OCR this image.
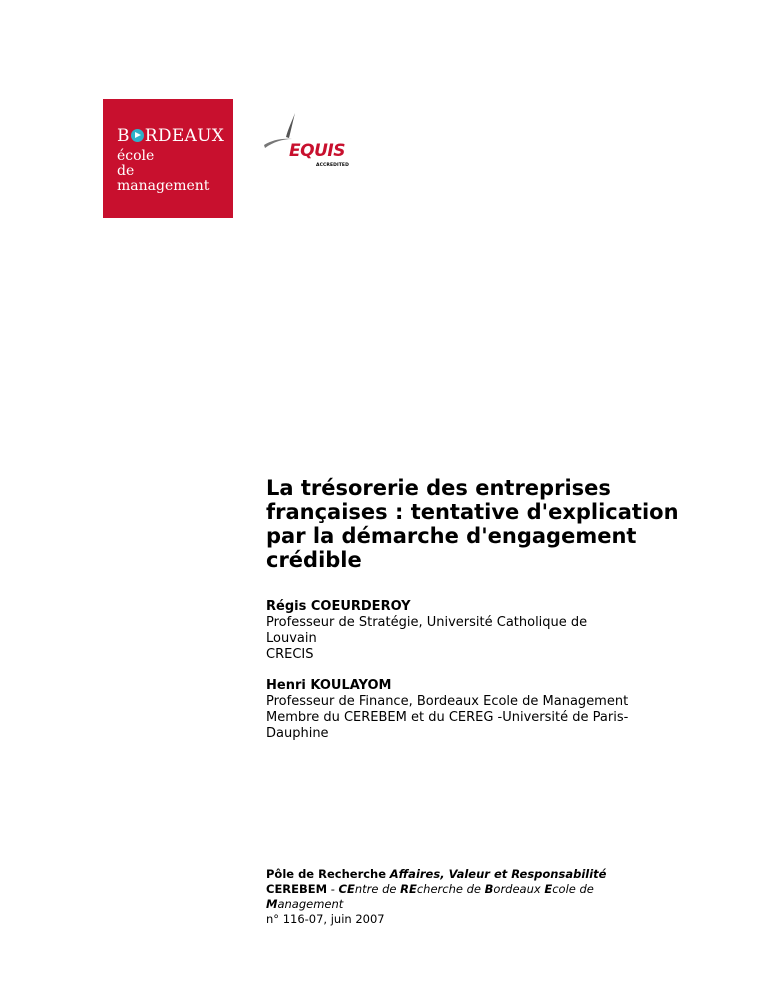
B RDEAUX
école
de
management
EQUIS
ACCREDITED
La trésorerie des entreprises françaises : tentative d'explication par la démarche d'engagement crédible
Régis COEURDEROY
Professeur de Stratégie, Université Catholique de
Louvain
CRECIS
Henri KOULAYOM
Professeur de Finance, Bordeaux Ecole de Management
Membre du CEREBEM et du CEREG -Université de Paris-
Dauphine
Pôle de Recherche Affaires, Valeur et Responsabilité
CEREBEM - CEntre de REcherche de Bordeaux Ecole de
Management
n° 116-07, juin 2007
